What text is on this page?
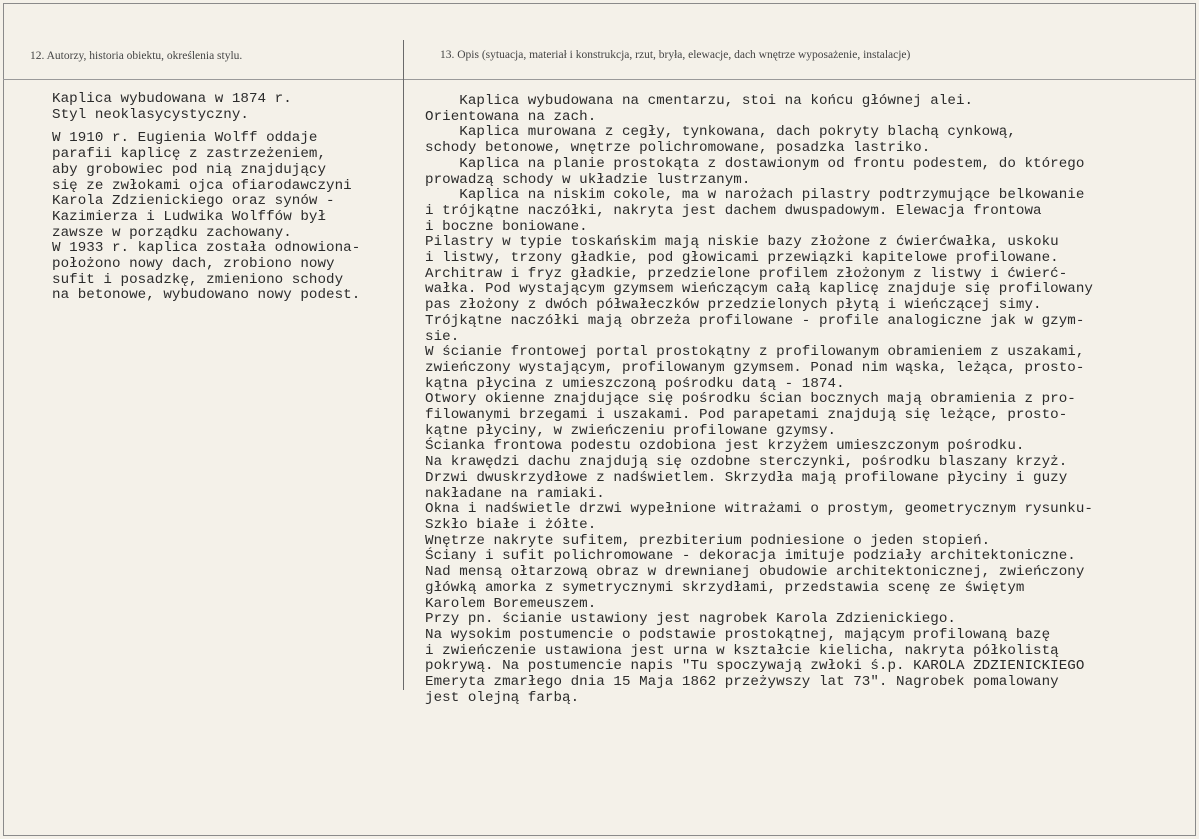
12. Autorzy, historia obiektu, określenia stylu.	13. Opis (sytuacja, materiał i konstrukcja, rzut, bryła, elewacje, dach wnętrze wyposażenie, instalacje)
Kaplica wybudowana w 1874 r.
Styl neoklasycystyczny.
W 1910 r. Eugienia Wolff oddaje
parafii kaplicę z zastrzeżeniem,
aby grobowiec pod nią znajdujący
się ze zwłokami ojca ofiarodawczyni
Karola Zdzienickiego oraz synów -
Kazimierza i Ludwika Wolffów był
zawsze w porządku zachowany.
W 1933 r. kaplica została odnowiona-
położono nowy dach, zrobiono nowy
sufit i posadzkę, zmieniono schody
na betonowe, wybudowano nowy podest.
Kaplica wybudowana na cmentarzu, stoi na końcu głównej alei.
Orientowana na zach.
Kaplica murowana z cegły, tynkowana, dach pokryty blachą cynkową,
schody betonowe, wnętrze polichromowane, posadzka lastriko.
Kaplica na planie prostokąta z dostawionym od frontu podestem, do którego
prowadzą schody w układzie lustrzanym.
Kaplica na niskim cokole, ma w narożach pilastry podtrzymujące belkowanie
i trójkątne naczółki, nakryta jest dachem dwuspadowym. Elewacja frontowa
i boczne boniowane.
Pilastry w typie toskańskim mają niskie bazy złożone z ćwierćwałka, uskoku
i listwy, trzony gładkie, pod głowicami przewiązki kapitelowe profilowane.
Architraw i fryz gładkie, przedzielone profilem złożonym z listwy i ćwierć-
wałka. Pod wystającym gzymsem wieńczącym całą kaplicę znajduje się profilowany
pas złożony z dwóch półwałeczków przedzielonych płytą i wieńczącej simy.
Trójkątne naczółki mają obrzeża profilowane - profile analogiczne jak w gzym-
sie.
W ścianie frontowej portal prostokątny z profilowanym obramieniem z uszakami,
zwieńczony wystającym, profilowanym gzymsem. Ponad nim wąska, leżąca, prosto-
kątna płycina z umieszczoną pośrodku datą - 1874.
Otwory okienne znajdujące się pośrodku ścian bocznych mają obramienia z pro-
filowanymi brzegami i uszakami. Pod parapetami znajdują się leżące, prosto-
kątne płyciny, w zwieńczeniu profilowane gzymsy.
Ścianka frontowa podestu ozdobiona jest krzyżem umieszczonym pośrodku.
Na krawędzi dachu znajdują się ozdobne sterczynki, pośrodku blaszany krzyż.
Drzwi dwuskrzydłowe z nadświetlem. Skrzydła mają profilowane płyciny i guzy
nakładane na ramiaki.
Okna i nadświetle drzwi wypełnione witrażami o prostym, geometrycznym rysunku-
Szkło białe i żółte.
Wnętrze nakryte sufitem, prezbiterium podniesione o jeden stopień.
Ściany i sufit polichromowane - dekoracja imituje podziały architektoniczne.
Nad mensą ołtarzową obraz w drewnianej obudowie architektonicznej, zwieńczony
główką amorka z symetrycznymi skrzydłami, przedstawia scenę ze świętym
Karolem Boremeuszem.
Przy pn. ścianie ustawiony jest nagrobek Karola Zdzienickiego.
Na wysokim postumencie o podstawie prostokątnej, mającym profilowaną bazę
i zwieńczenie ustawiona jest urna w kształcie kielicha, nakryta półkolistą
pokrywą. Na postumencie napis "Tu spoczywają zwłoki ś.p. KAROLA ZDZIENICKIEGO
Emeryta zmarłego dnia 15 Maja 1862 przeżywszy lat 73". Nagrobek pomalowany
jest olejną farbą.
